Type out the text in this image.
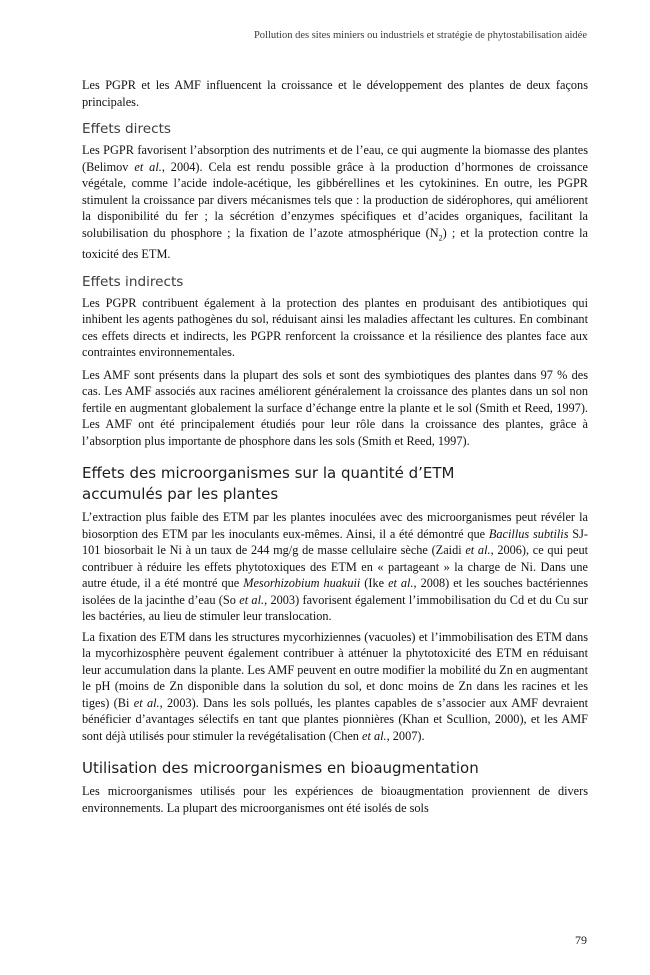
Pollution des sites miniers ou industriels et stratégie de phytostabilisation aidée

Les PGPR et les AMF influencent la croissance et le développement des plantes de deux façons principales.

Effets directs

Les PGPR favorisent l’absorption des nutriments et de l’eau, ce qui augmente la biomasse des plantes (Belimov et al., 2004). Cela est rendu possible grâce à la production d’hormones de croissance végétale, comme l’acide indole-acétique, les gibbérellines et les cytokinines. En outre, les PGPR stimulent la croissance par divers mécanismes tels que : la production de sidérophores, qui améliorent la disponibilité du fer ; la sécrétion d’enzymes spécifiques et d’acides organiques, facilitant la solubilisation du phosphore ; la fixation de l’azote atmosphérique $(N_2)$ ; et la protection contre la toxicité des ETM.

Effets indirects

Les PGPR contribuent également à la protection des plantes en produisant des antibiotiques qui inhibent les agents pathogènes du sol, réduisant ainsi les maladies affectant les cultures. En combinant ces effets directs et indirects, les PGPR renforcent la croissance et la résilience des plantes face aux contraintes environnementales.

Les AMF sont présents dans la plupart des sols et sont des symbiotiques des plantes dans 97 % des cas. Les AMF associés aux racines améliorent généralement la croissance des plantes dans un sol non fertile en augmentant globalement la surface d’échange entre la plante et le sol (Smith et Reed, 1997). Les AMF ont été principalement étudiés pour leur rôle dans la croissance des plantes, grâce à l’absorption plus importante de phosphore dans les sols (Smith et Reed, 1997).

Effets des microorganismes sur la quantité d’ETM
accumulés par les plantes

L’extraction plus faible des ETM par les plantes inoculées avec des microorganismes peut révéler la biosorption des ETM par les inoculants eux-mêmes. Ainsi, il a été démontré que Bacillus subtilis SJ-101 biosorbait le Ni à un taux de 244 mg/g de masse cellulaire sèche (Zaidi et al., 2006), ce qui peut contribuer à réduire les effets phytotoxiques des ETM en « partageant » la charge de Ni. Dans une autre étude, il a été montré que Mesorhizobium huakuii (Ike et al., 2008) et les souches bactériennes isolées de la jacinthe d’eau (So et al., 2003) favorisent également l’immobilisation du Cd et du Cu sur les bactéries, au lieu de stimuler leur translocation.

La fixation des ETM dans les structures mycorhiziennes (vacuoles) et l’immobilisation des ETM dans la mycorhizosphère peuvent également contribuer à atténuer la phytotoxicité des ETM en réduisant leur accumulation dans la plante. Les AMF peuvent en outre modifier la mobilité du Zn en augmentant le pH (moins de Zn disponible dans la solution du sol, et donc moins de Zn dans les racines et les tiges) (Bi et al., 2003). Dans les sols pollués, les plantes capables de s’associer aux AMF devraient bénéficier d’avantages sélectifs en tant que plantes pionnières (Khan et Scullion, 2000), et les AMF sont déjà utilisés pour stimuler la revégétalisation (Chen et al., 2007).

Utilisation des microorganismes en bioaugmentation

Les microorganismes utilisés pour les expériences de bioaugmentation proviennent de divers environnements. La plupart des microorganismes ont été isolés de sols

79
